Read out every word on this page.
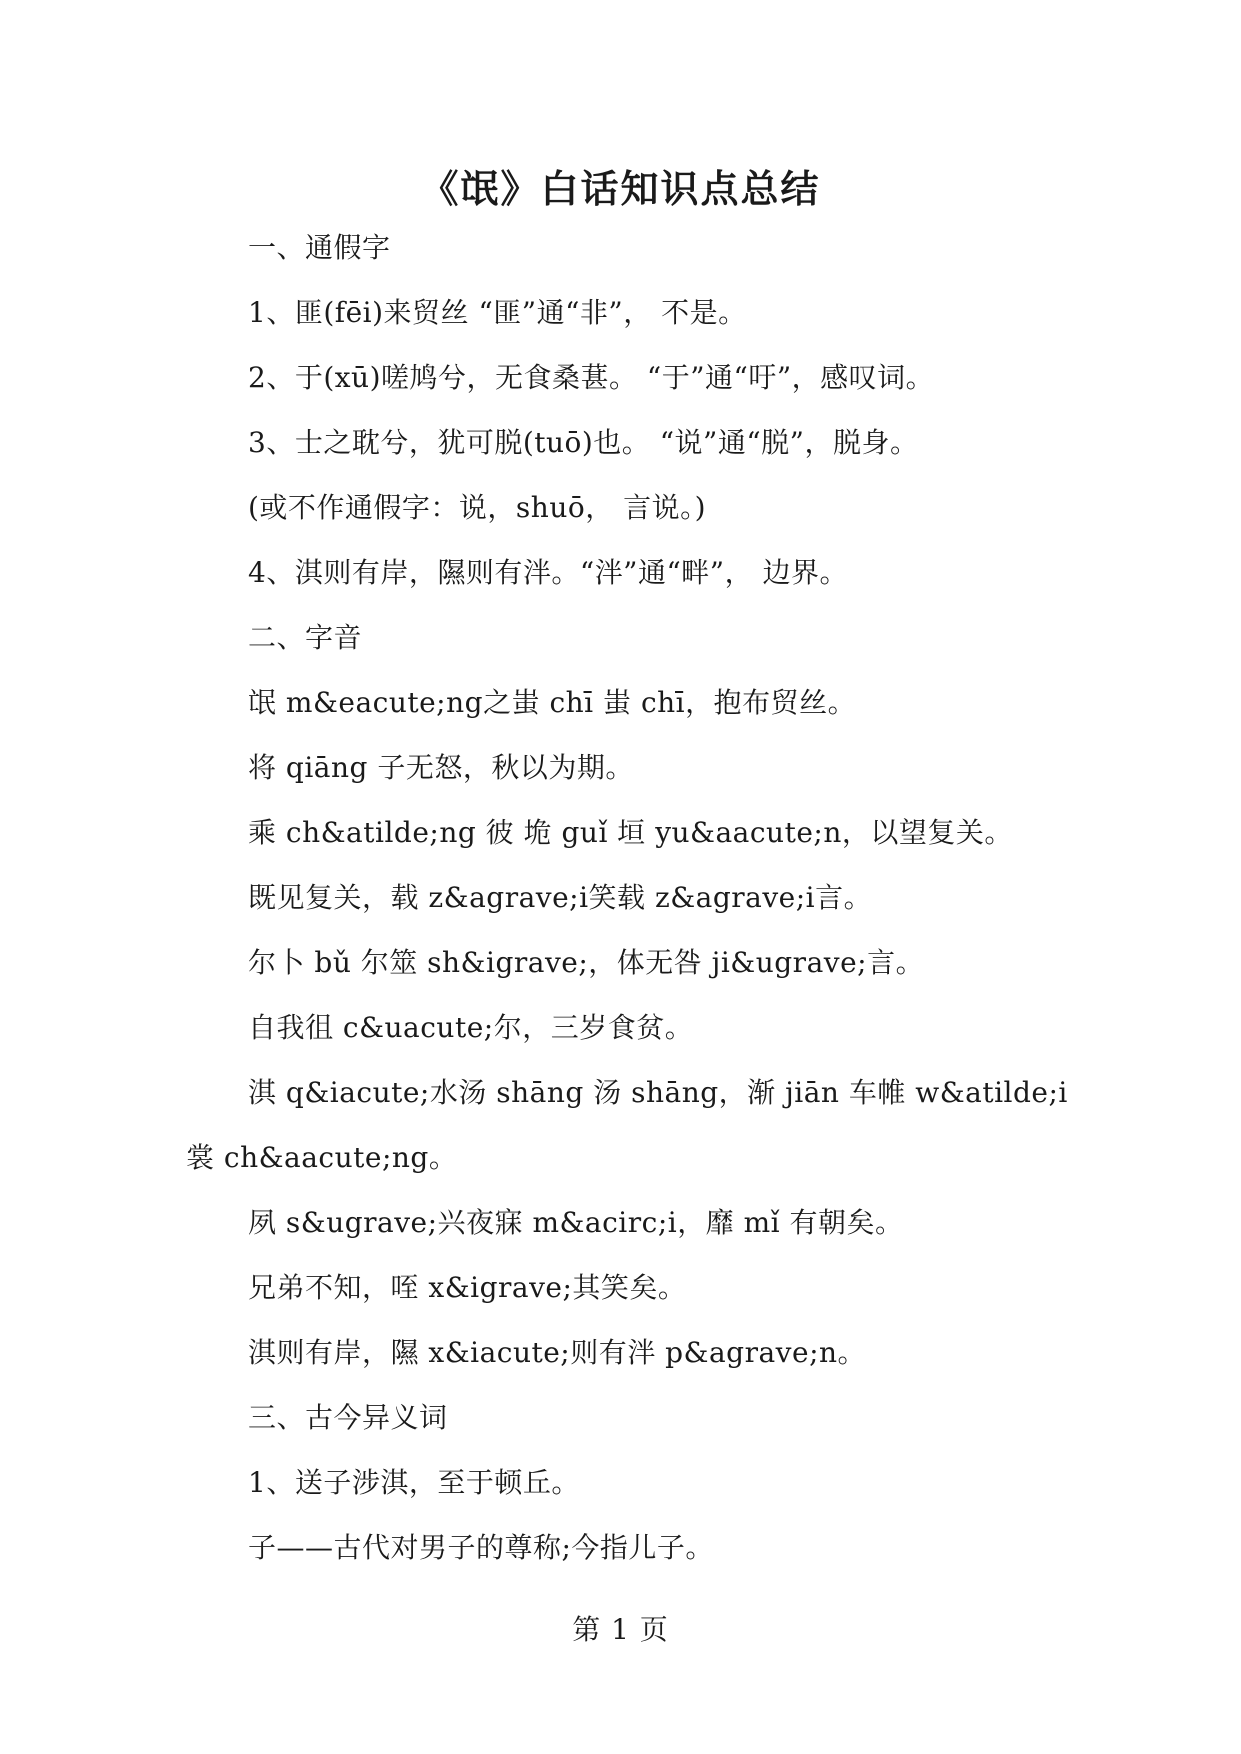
《氓》白话知识点总结
一、通假字
1、匪(fēi)来贸丝 “匪”通“非”， 不是。
2、于(xū)嗟鸠兮，无食桑葚。 “于”通“吁”，感叹词。
3、士之耽兮，犹可脱(tuō)也。 “说”通“脱”，脱身。
(或不作通假字：说，shuō， 言说。)
4、淇则有岸，隰则有泮。“泮”通“畔”， 边界。
二、字音
氓 m&eacute;ng之蚩 chī 蚩 chī，抱布贸丝。
将 qiāng 子无怒，秋以为期。
乘 ch&atilde;ng 彼 垝 guǐ 垣 yu&aacute;n，以望复关。
既见复关，载 z&agrave;i笑载 z&agrave;i言。
尔卜 bǔ 尔筮 sh&igrave;，体无咎 ji&ugrave;言。
自我徂 c&uacute;尔，三岁食贫。
淇 q&iacute;水汤 shāng 汤 shāng，渐 jiān 车帷 w&atilde;i
裳 ch&aacute;ng。
夙 s&ugrave;兴夜寐 m&acirc;i，靡 mǐ 有朝矣。
兄弟不知，咥 x&igrave;其笑矣。
淇则有岸，隰 x&iacute;则有泮 p&agrave;n。
三、古今异义词
1、送子涉淇，至于顿丘。
子——古代对男子的尊称;今指儿子。
第 1 页
